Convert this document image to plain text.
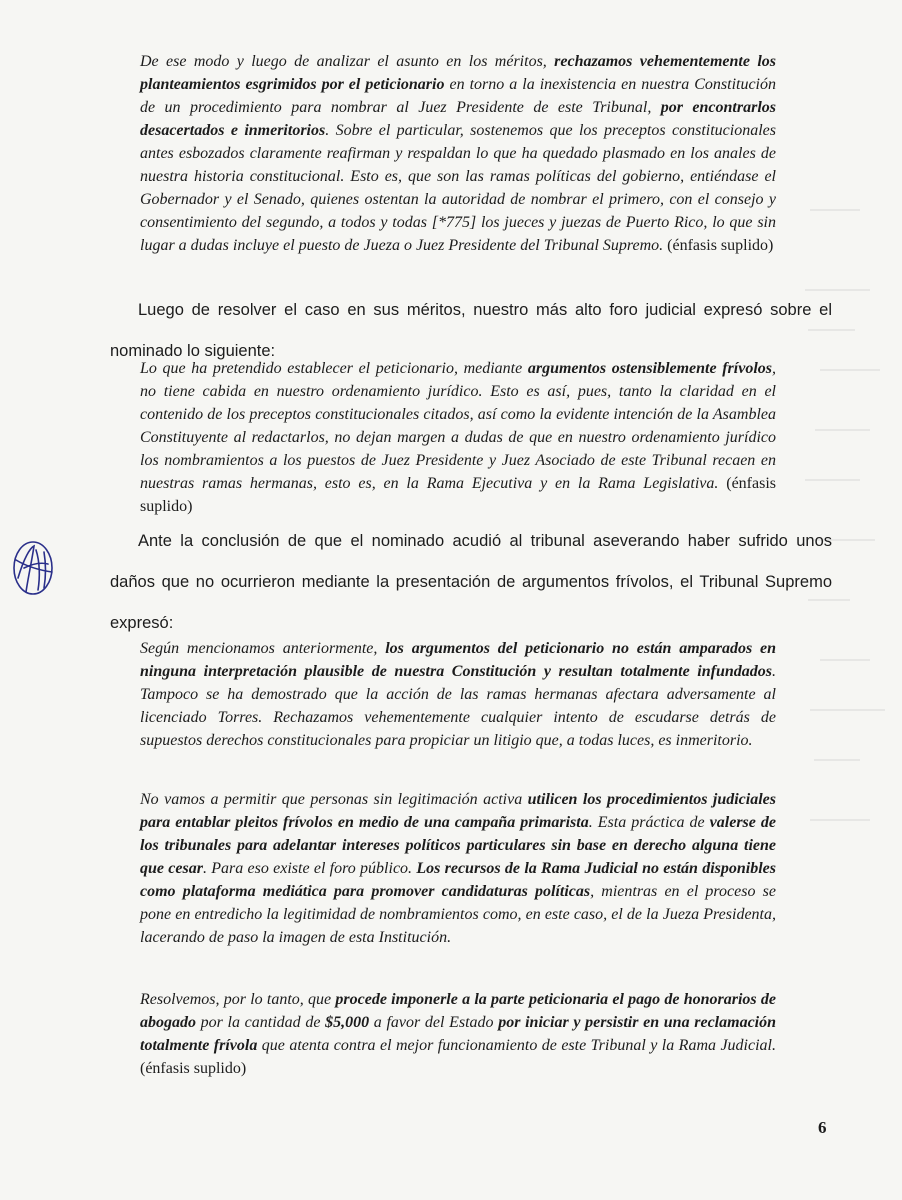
De ese modo y luego de analizar el asunto en los méritos, rechazamos vehementemente los planteamientos esgrimidos por el peticionario en torno a la inexistencia en nuestra Constitución de un procedimiento para nombrar al Juez Presidente de este Tribunal, por encontrarlos desacertados e inmeritorios. Sobre el particular, sostenemos que los preceptos constitucionales antes esbozados claramente reafirman y respaldan lo que ha quedado plasmado en los anales de nuestra historia constitucional. Esto es, que son las ramas políticas del gobierno, entiéndase el Gobernador y el Senado, quienes ostentan la autoridad de nombrar el primero, con el consejo y consentimiento del segundo, a todos y todas [*775] los jueces y juezas de Puerto Rico, lo que sin lugar a dudas incluye el puesto de Jueza o Juez Presidente del Tribunal Supremo. (énfasis suplido)

Luego de resolver el caso en sus méritos, nuestro más alto foro judicial expresó sobre el nominado lo siguiente:

Lo que ha pretendido establecer el peticionario, mediante argumentos ostensiblemente frívolos, no tiene cabida en nuestro ordenamiento jurídico. Esto es así, pues, tanto la claridad en el contenido de los preceptos constitucionales citados, así como la evidente intención de la Asamblea Constituyente al redactarlos, no dejan margen a dudas de que en nuestro ordenamiento jurídico los nombramientos a los puestos de Juez Presidente y Juez Asociado de este Tribunal recaen en nuestras ramas hermanas, esto es, en la Rama Ejecutiva y en la Rama Legislativa. (énfasis suplido)

Ante la conclusión de que el nominado acudió al tribunal aseverando haber sufrido unos daños que no ocurrieron mediante la presentación de argumentos frívolos, el Tribunal Supremo expresó:

Según mencionamos anteriormente, los argumentos del peticionario no están amparados en ninguna interpretación plausible de nuestra Constitución y resultan totalmente infundados. Tampoco se ha demostrado que la acción de las ramas hermanas afectara adversamente al licenciado Torres. Rechazamos vehementemente cualquier intento de escudarse detrás de supuestos derechos constitucionales para propiciar un litigio que, a todas luces, es inmeritorio.

No vamos a permitir que personas sin legitimación activa utilicen los procedimientos judiciales para entablar pleitos frívolos en medio de una campaña primarista. Esta práctica de valerse de los tribunales para adelantar intereses políticos particulares sin base en derecho alguna tiene que cesar. Para eso existe el foro público. Los recursos de la Rama Judicial no están disponibles como plataforma mediática para promover candidaturas políticas, mientras en el proceso se pone en entredicho la legitimidad de nombramientos como, en este caso, el de la Jueza Presidenta, lacerando de paso la imagen de esta Institución.

Resolvemos, por lo tanto, que procede imponerle a la parte peticionaria el pago de honorarios de abogado por la cantidad de $5,000 a favor del Estado por iniciar y persistir en una reclamación totalmente frívola que atenta contra el mejor funcionamiento de este Tribunal y la Rama Judicial. (énfasis suplido)

6
